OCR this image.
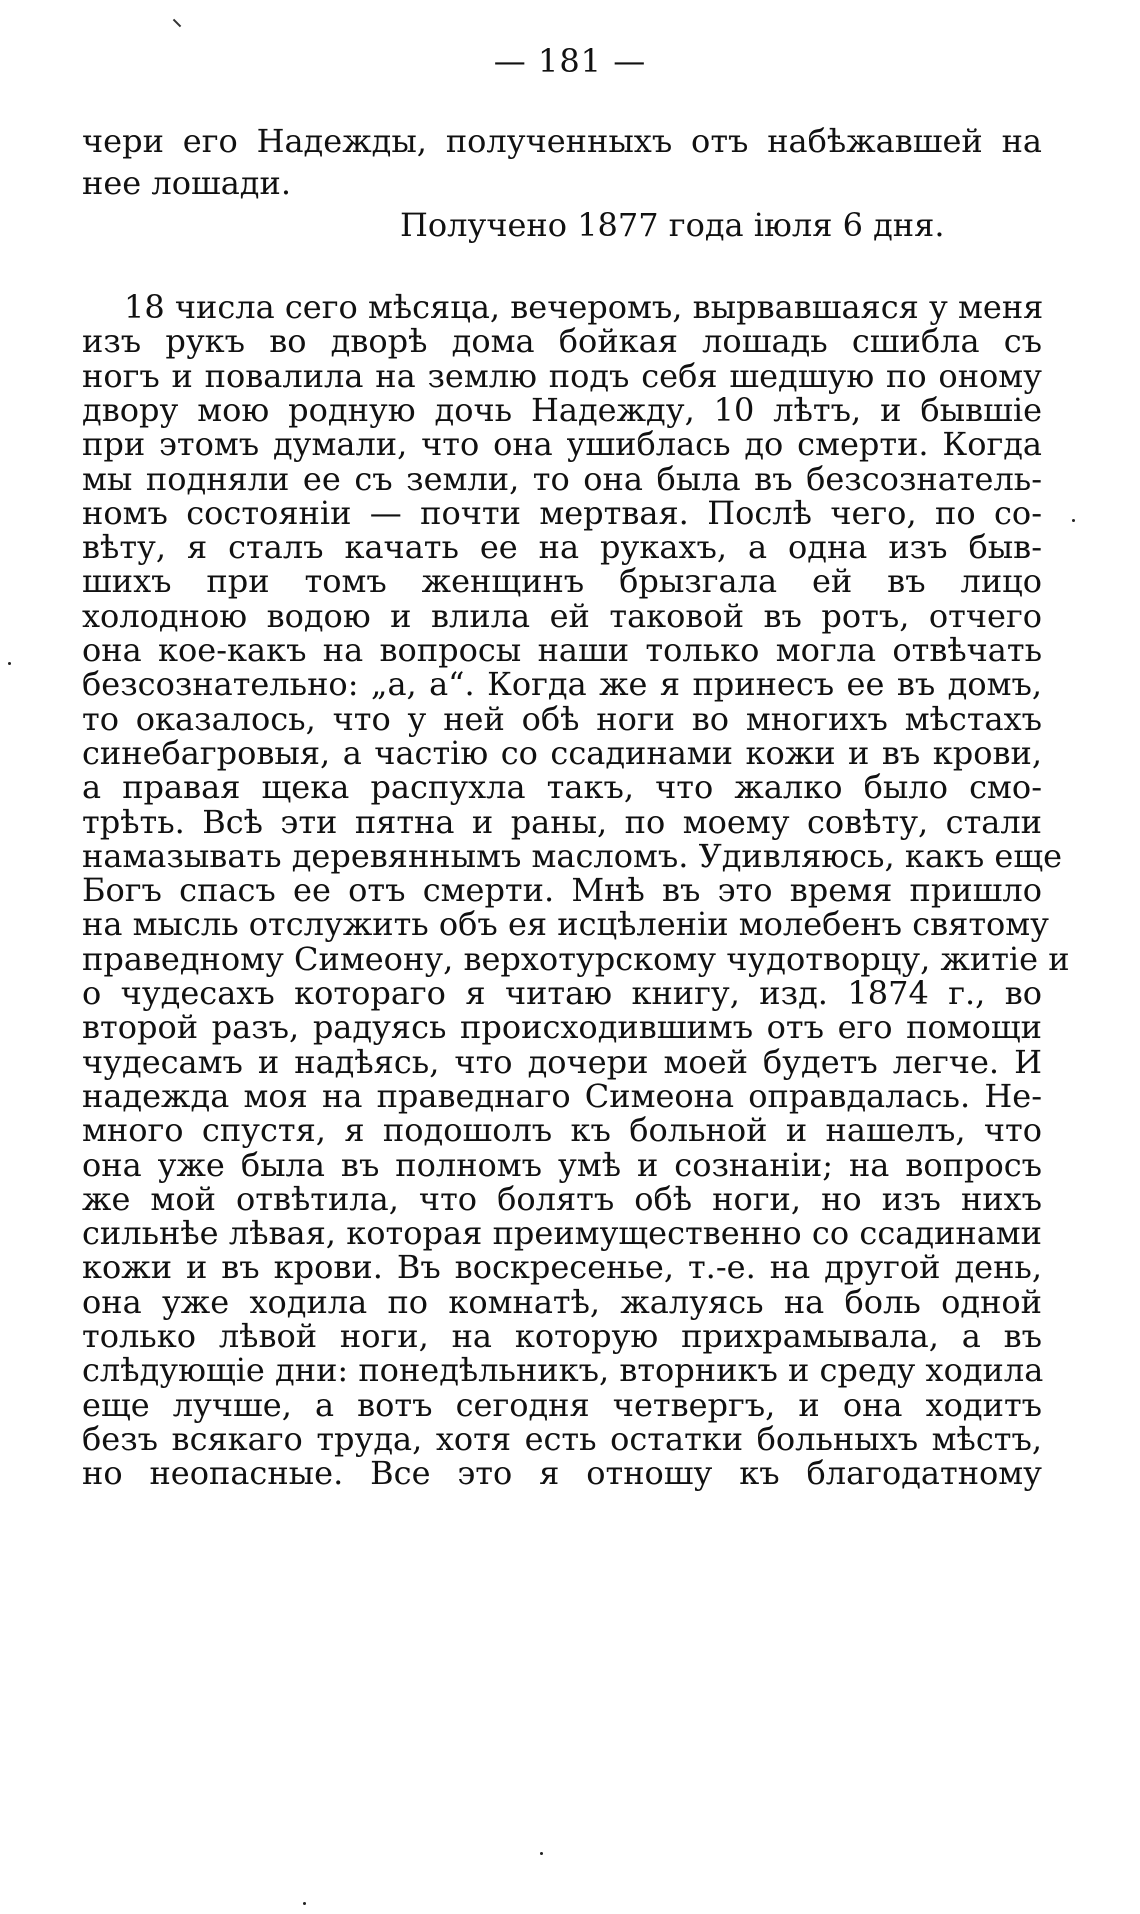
— 181 —
чери его Надежды, полученныхъ отъ набѣжавшей на
нее лошади.
Получено 1877 года іюля 6 дня.
18 числа сего мѣсяца, вечеромъ, вырвавшаяся у меня
изъ рукъ во дворѣ дома бойкая лошадь сшибла съ
ногъ и повалила на землю подъ себя шедшую по оному
двору мою родную дочь Надежду, 10 лѣтъ, и бывшіе
при этомъ думали, что она ушиблась до смерти. Когда
мы подняли ее съ земли, то она была въ безсознатель-
номъ состояніи — почти мертвая. Послѣ чего, по со-
вѣту, я сталъ качать ее на рукахъ, а одна изъ быв-
шихъ при томъ женщинъ брызгала ей въ лицо
холодною водою и влила ей таковой въ ротъ, отчего
она кое-какъ на вопросы наши только могла отвѣчать
безсознательно: „а, а“. Когда же я принесъ ее въ домъ,
то оказалось, что у ней обѣ ноги во многихъ мѣстахъ
синебагровыя, а частію со ссадинами кожи и въ крови,
а правая щека распухла такъ, что жалко было смо-
трѣть. Всѣ эти пятна и раны, по моему совѣту, стали
намазывать деревяннымъ масломъ. Удивляюсь, какъ еще
Богъ спасъ ее отъ смерти. Мнѣ въ это время пришло
на мысль отслужить объ ея исцѣленіи молебенъ святому
праведному Симеону, верхотурскому чудотворцу, житіе и
о чудесахъ котораго я читаю книгу, изд. 1874 г., во
второй разъ, радуясь происходившимъ отъ его помощи
чудесамъ и надѣясь, что дочери моей будетъ легче. И
надежда моя на праведнаго Симеона оправдалась. Не-
много спустя, я подошолъ къ больной и нашелъ, что
она уже была въ полномъ умѣ и сознаніи; на вопросъ
же мой отвѣтила, что болятъ обѣ ноги, но изъ нихъ
сильнѣе лѣвая, которая преимущественно со ссадинами
кожи и въ крови. Въ воскресенье, т.-е. на другой день,
она уже ходила по комнатѣ, жалуясь на боль одной
только лѣвой ноги, на которую прихрамывала, а въ
слѣдующіе дни: понедѣльникъ, вторникъ и среду ходила
еще лучше, а вотъ сегодня четвергъ, и она ходитъ
безъ всякаго труда, хотя есть остатки больныхъ мѣстъ,
но неопасные. Все это я отношу къ благодатному
